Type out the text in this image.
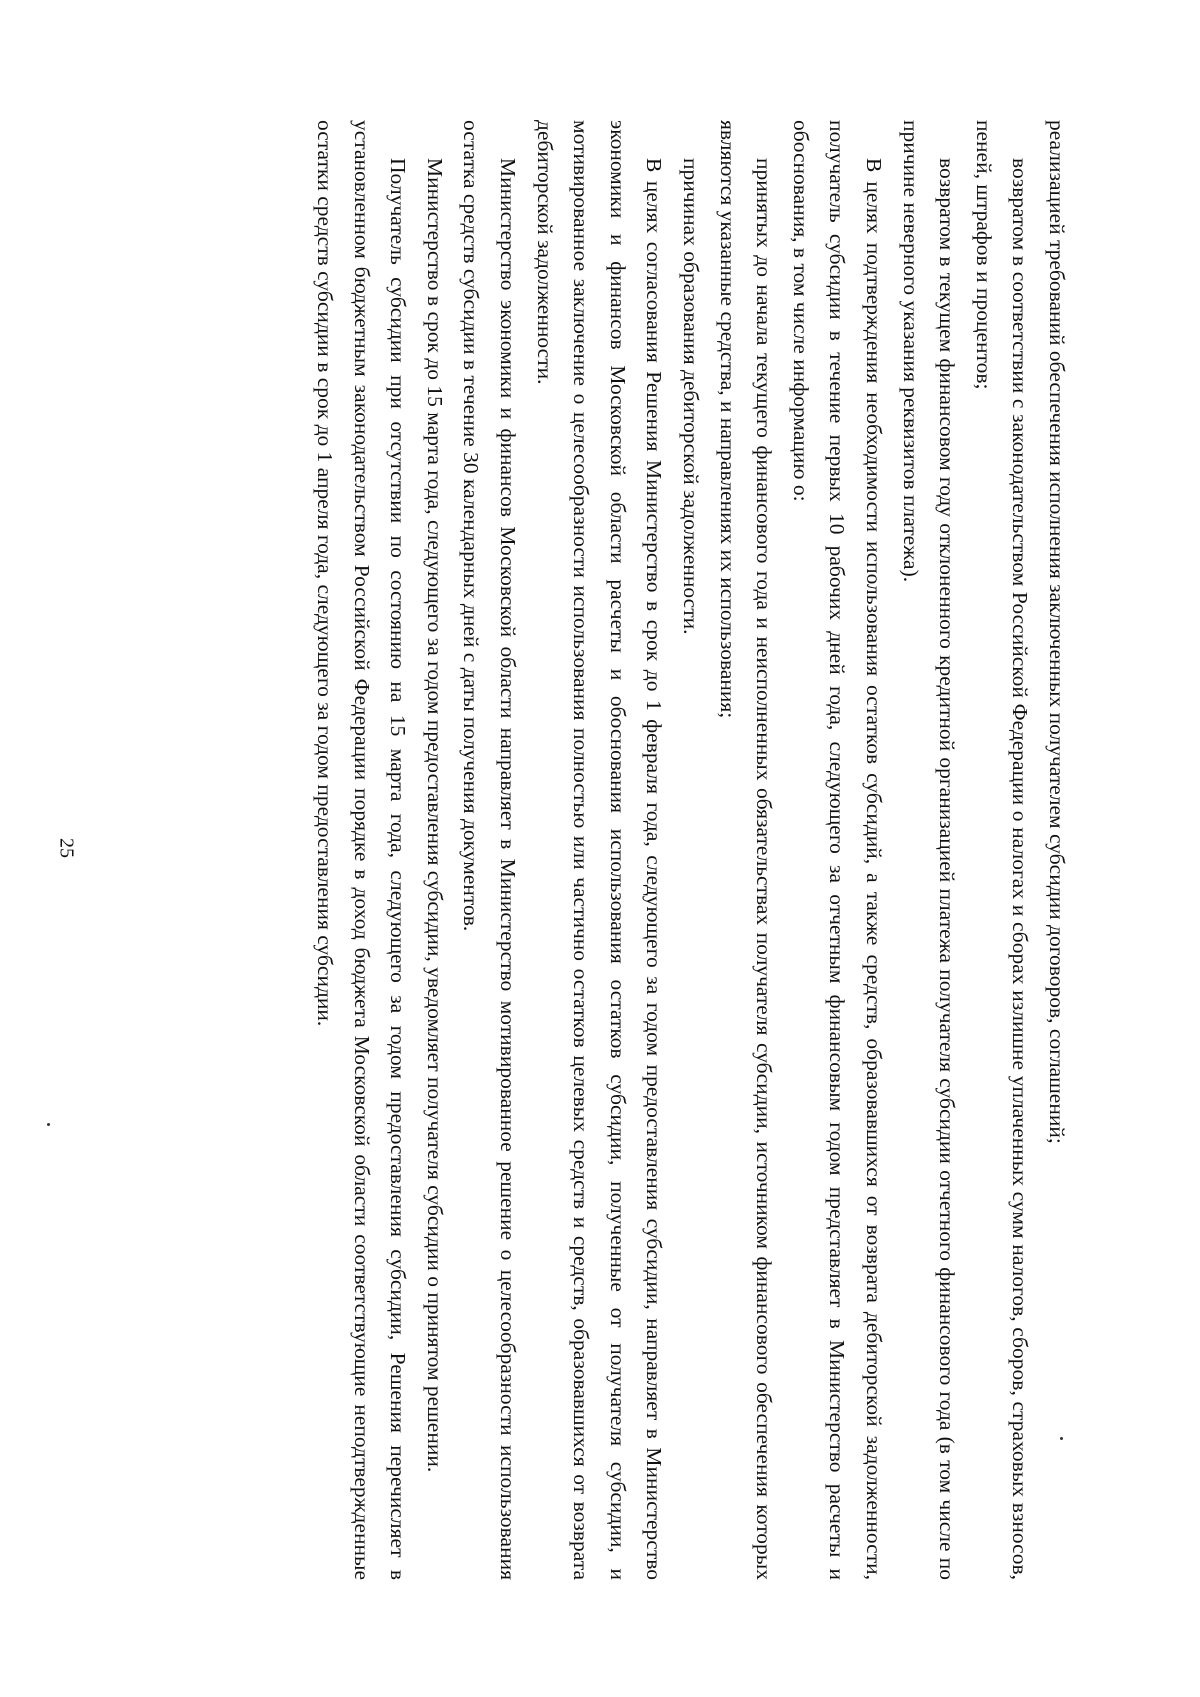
25	реализацией требований обеспечения исполнения заключенных получателем субсидии договоров, соглашений;

возвратом в соответствии с законодательством Российской Федерации о налогах и сборах излишне уплаченных сумм налогов, сборов, страховых взносов, пеней, штрафов и процентов;

возвратом в текущем финансовом году отклоненного кредитной организацией платежа получателя субсидии отчетного финансового года (в том числе по причине неверного указания реквизитов платежа).

В целях подтверждения необходимости использования остатков субсидий, а также средств, образовавшихся от возврата дебиторской задолженности, получатель субсидии в течение первых 10 рабочих дней года, следующего за отчетным финансовым годом представляет в Министерство расчеты и обоснования, в том числе информацию о:

принятых до начала текущего финансового года и неисполненных обязательствах получателя субсидии, источником финансового обеспечения которых являются указанные средства, и направлениях их использования;

причинах образования дебиторской задолженности.

В целях согласования Решения Министерство в срок до 1 февраля года, следующего за годом предоставления субсидии, направляет в Министерство экономики и финансов Московской области расчеты и обоснования использования остатков субсидии, полученные от получателя субсидии, и мотивированное заключение о целесообразности использования полностью или частично остатков целевых средств и средств, образовавшихся от возврата дебиторской задолженности.

Министерство экономики и финансов Московской области направляет в Министерство мотивированное решение о целесообразности использования остатка средств субсидии в течение 30 календарных дней с даты получения документов.

Министерство в срок до 15 марта года, следующего за годом предоставления субсидии, уведомляет получателя субсидии о принятом решении.

Получатель субсидии при отсутствии по состоянию на 15 марта года, следующего за годом предоставления субсидии, Решения перечисляет в установленном бюджетным законодательством Российской Федерации порядке в доход бюджета Московской области соответствующие неподтвержденные остатки средств субсидии в срок до 1 апреля года, следующего за годом предоставления субсидии.
